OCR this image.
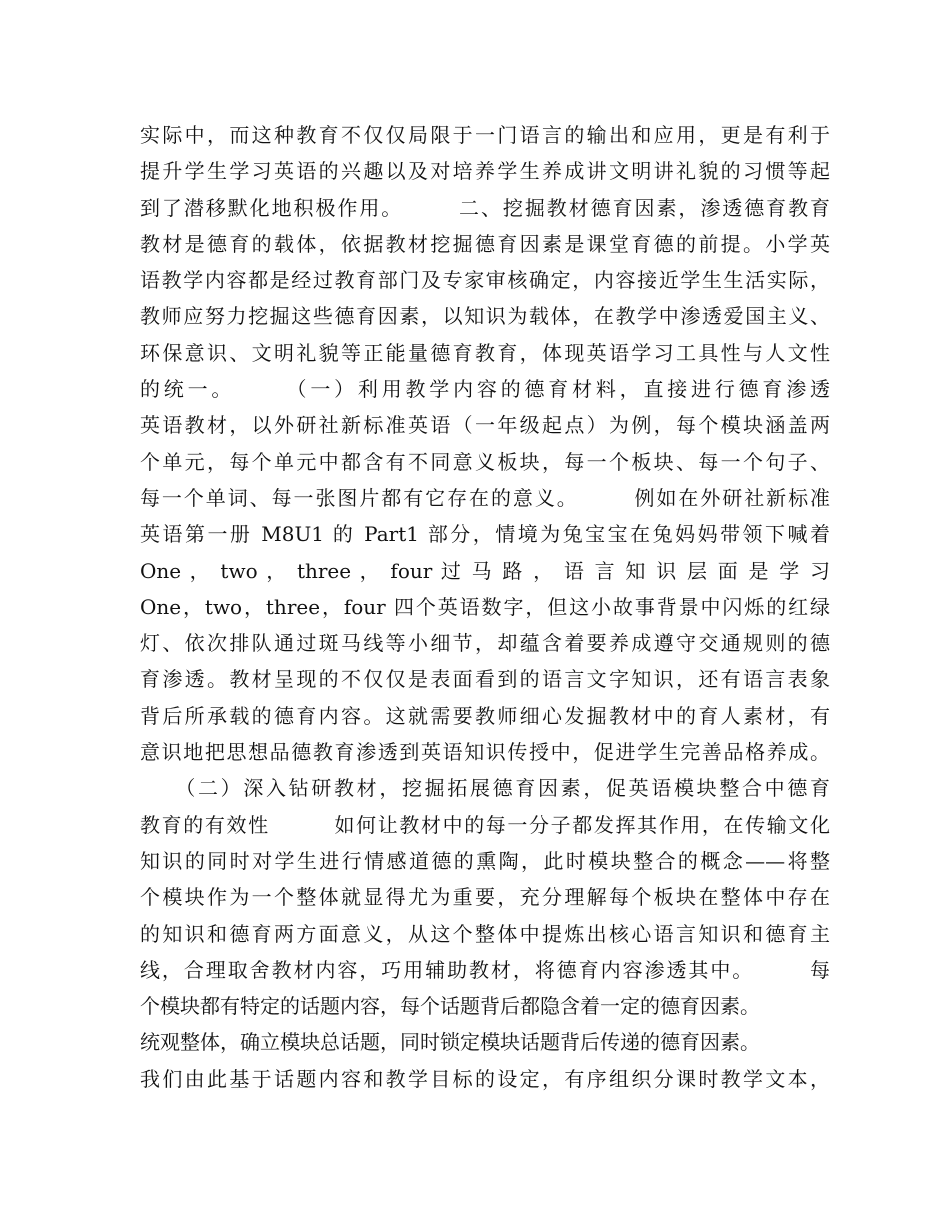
实际中，而这种教育不仅仅局限于一门语言的输出和应用，更是有利于
提升学生学习英语的兴趣以及对培养学生养成讲文明讲礼貌的习惯等起
到了潜移默化地积极作用。　　　二、挖掘教材德育因素，渗透德育教育
教材是德育的载体，依据教材挖掘德育因素是课堂育德的前提。小学英
语教学内容都是经过教育部门及专家审核确定，内容接近学生生活实际，
教师应努力挖掘这些德育因素，以知识为载体，在教学中渗透爱国主义、
环保意识、文明礼貌等正能量德育教育，体现英语学习工具性与人文性
的统一。　　　（一）利用教学内容的德育材料，直接进行德育渗透
英语教材，以外研社新标准英语（一年级起点）为例，每个模块涵盖两
个单元，每个单元中都含有不同意义板块，每一个板块、每一个句子、
每一个单词、每一张图片都有它存在的意义。　　　例如在外研社新标准
英语第一册 M8U1 的 Part1 部分，情境为兔宝宝在兔妈妈带领下喊着
One ， two ， three ， four 过 马 路 ， 语 言 知 识 层 面 是 学 习
One，two，three，four 四个英语数字，但这小故事背景中闪烁的红绿
灯、依次排队通过斑马线等小细节，却蕴含着要养成遵守交通规则的德
育渗透。教材呈现的不仅仅是表面看到的语言文字知识，还有语言表象
背后所承载的德育内容。这就需要教师细心发掘教材中的育人素材，有
意识地把思想品德教育渗透到英语知识传授中，促进学生完善品格养成。
　　（二）深入钻研教材，挖掘拓展德育因素，促英语模块整合中德育
教育的有效性　　　如何让教材中的每一分子都发挥其作用，在传输文化
知识的同时对学生进行情感道德的熏陶，此时模块整合的概念——将整
个模块作为一个整体就显得尤为重要，充分理解每个板块在整体中存在
的知识和德育两方面意义，从这个整体中提炼出核心语言知识和德育主
线，合理取舍教材内容，巧用辅助教材，将德育内容渗透其中。　　　每
个模块都有特定的话题内容，每个话题背后都隐含着一定的德育因素。
统观整体，确立模块总话题，同时锁定模块话题背后传递的德育因素。
我们由此基于话题内容和教学目标的设定，有序组织分课时教学文本，
